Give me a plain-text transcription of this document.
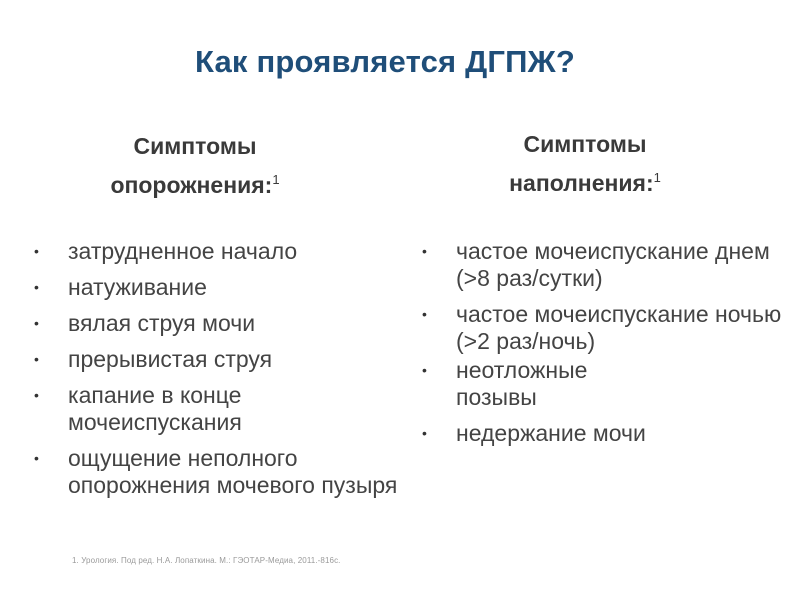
Как проявляется ДГПЖ?
Симптомы
опорожнения:$^1$
Симптомы
наполнения:$^1$
• затрудненное начало
• натуживание
• вялая струя мочи
• прерывистая струя
• капание в конце мочеиспускания
• ощущение неполного опорожнения мочевого пузыря
• частое мочеиспускание днем  (>8 раз/сутки)
• частое мочеиспускание ночью (>2 раз/ночь)
• неотложные позывы
• недержание мочи
1. Урология. Под ред. Н.А. Лопаткина. М.: ГЭОТАР-Медиа, 2011.-816с.
